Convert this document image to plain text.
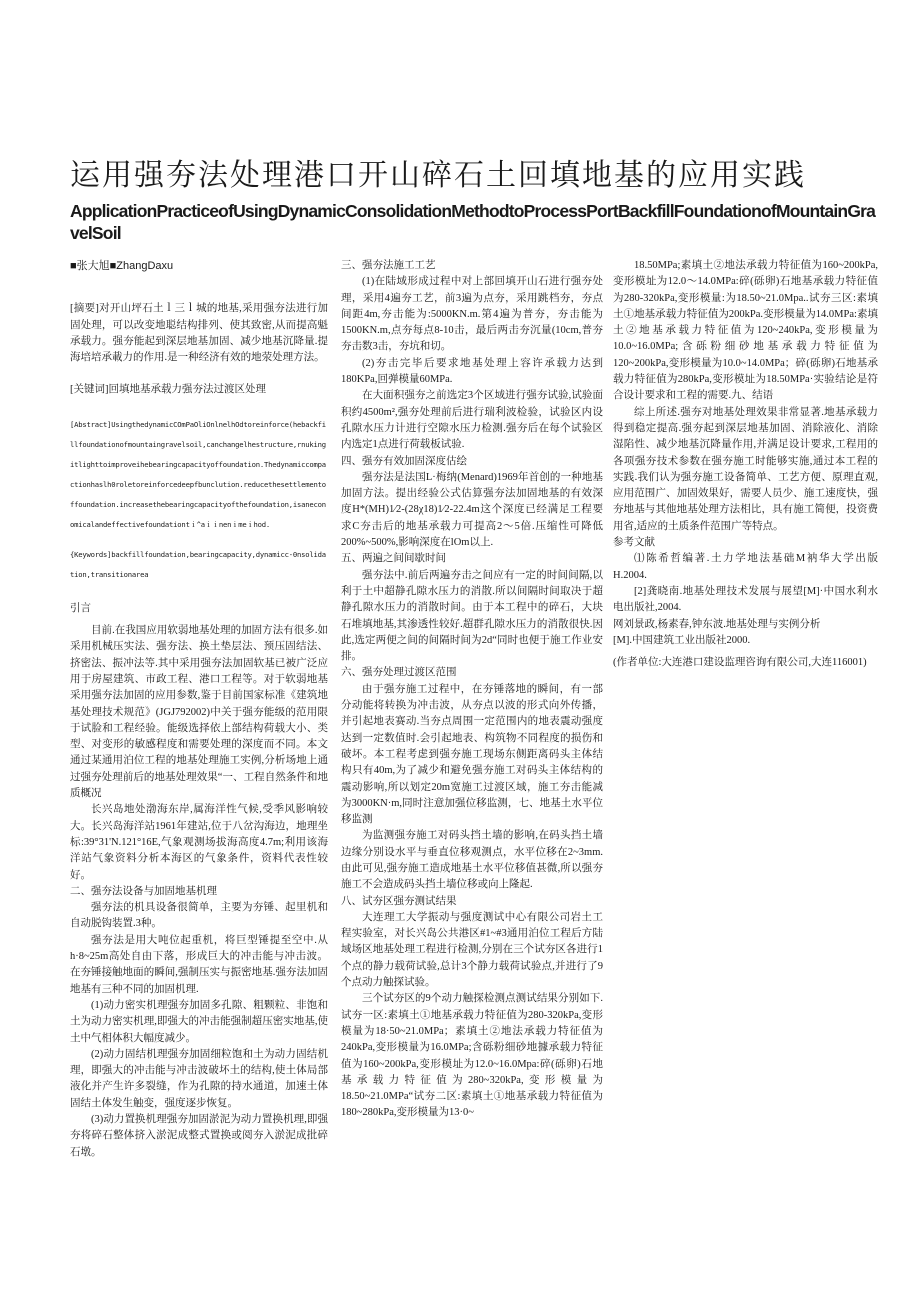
运用强夯法处理港口开山碎石土回填地基的应用实践
ApplicationPracticeofUsingDynamicConsolidationMethodtoProcessPortBackfillFoundationofMountainGravelSoil

■张大旭■ZhangDaxu

[摘要]对开山坪石土ｌ三ｌ城的地基,采用强夯法进行加固处理，可以改变地聪结构排列、使其致密,从而提高魁承载力。强夯能起到深层地基加固、减少地基沉降量.提海培培承載力的作用.是一种经济有效的地荥处理方法。

[关键词]回填地基承载力强夯法过渡区处理

[Abstract]UsingthedynamicCOmPaOliOnlnelhOdtoreinforce(hebackfillfoundationofmountaingravelsoil,canchangelhestructure,rnukingitlighttoimproveihebearingcapacityoffoundation.Thedynamiccompactionhaslh0roletoreinforcedeepfbunclution.reducethesettlementoffoundation.increasethebearingcapacityofthefoundation,isaneconomicalandeffectivefoundationtｉ^aｉｉnenｉmeｉhod.

{Keywords]backfillfoundation,bearingcapacity,dynamicc-0nsolidation,transitionarea

引言

目前.在我国应用软弱地基处理的加固方法有很多.如采用机械压实法、强夯法、换土垫层法、预压固结法、挤密法、振冲法等.其中采用强夯法加固软基已被广泛应用于房屋建筑、市政工程、港口工程等。对于软弱地基采用强夯法加固的应用参数,鉴于目前国家标准《建筑地基处理技术规范》(JGJ792002)中关于强夯能级的范用限于试脸和工程经验。能级选择依上部结构荷载大小、类型、对变形的敏感程度和需要处理的深度而不同。本文通过某通用泊位工程的地基处理施工实例,分析场地上通过强夯处理前后的地基处理效果“一、工程自然条件和地质概况

长兴岛地处渤海东岸,属海洋性气候,受季风影响较大。长兴岛海洋站1961年建站,位于八岔沟海边，地理坐标:39°31'N.121°16E,气象观测场拔海高度4.7m;利用该海洋站气象资料分析本海区的气象条件，资料代表性较好。

二、强夯法设备与加固地基机理

强夯法的机具设备很简单，主要为夯锤、起里机和自动脱钩装置.3种。

强夯法是用大吨位起重机，将巨型锤提至空中.从h·8~25m高处自由下落，形成巨大的冲击能与冲击波。在夯锤接触地面的瞬间,强制压实与振密地基.强夯法加固地基有三种不同的加固机理.

(1)动力密实机理强夯加固多孔隙、粗颗粒、非饱和土为动力密实机理,即强大的冲击能强制超压密实地基,使土中气相体积大幅度减少。

(2)动力固结机理强夯加固细粒饱和土为动力固结机理，即强大的冲击能与冲击波破坏土的结构,使土体局部液化并产生许多裂缝，作为孔隙的持水通道，加速土体固结土体发生触变，强度逐步恢复。

(3)动力置换机理强夯加固淤泥为动力置换机理,即强夯将碎石整体挤入淤泥成整式置换或阅夯入淤泥成批碎石墩。

三、强夯法施工工艺

(1)在陆域形成过程中对上部回填开山石进行强夯处理，采用4遍夯工艺，前3遍为点夯，采用跳档夯，夯点间距4m,夯击能为:5000KN.m.第4遍为普夯，夯击能为1500KN.m,点夯每点8-10击，最后两击夯沉量(10cm,普夯夯击数3击，夯坑和切。

(2)夯击完毕后要求地基处理上容许承载力达到180KPa,回弹模量60MPa.

在大面积强夯之前选定3个区域进行强夯试验,试验面积约4500m²,强夯处理前后进行瑞利波检验，试验区内设孔隙水压力计进行空隙水压力检测.强夯后在每个试验区内选定1点进行荷载板试验.

四、强夯有效加固深度估绘

强夯法是法国L·梅纳(Menard)1969年首创的一种地基加固方法。提出经验公式估算强夯法加固地基的有效深度H*(MH)1⁄2-(28χ18)1⁄2-22.4m这个深度已经满足工程要求C夯击后的地基承载力可提高2〜5倍.压缩性可降低200%~500%,影响深度在lOm以上.

五、两遍之间间歇时间

强夯法中.前后两遍夯击之间应有一定的时间间隔,以利于土中超静孔隙水压力的消散.所以间隔时间取决于超静孔隙水压力的消散时间。由于本工程中的碎石，大块石堆填地基,其渗透性较好.超群孔隙水压力的消散很快.因此,选定两便之间的间隔时间为2d“同时也便于施工作业安排。

六、强夯处理过渡区范围

由于强夯施工过程中，在夯锤落地的瞬间，有一部分动能将转换为冲击波，从夯点以波的形式向外传播，并引起地表赛动.当夯点周围一定范围内的地表震动强度达到一定数值时.会引起地表、构筑物不同程度的损伤和破坏。本工程考虑到强夯施工现场东侧距离码头主体结构只有40m,为了减少和避免强夯施工对码头主体结构的震动影响,所以划定20m宽施工过渡区域，施工夯击能减为3000KN·m,同时注意加强位移监测，七、地基土水平位移监测

为监测强夯施工对码头挡土墙的影响,在码头挡土墙边缘分别设水平与垂直位移观测点，水平位移在2~3mm.由此可见,强夯施工造成地基土水平位移值甚微,所以强夯施工不会造成码头挡土墙位移或向上隆起.

八、试夯区强夯测试结果

大连理工大学振动与强度测试中心有限公司岩土工程实验室，对长兴岛公共港区#1~#3通用泊位工程后方陆域场区地基处理工程进行检测,分别在三个试夯区各进行1个点的静力载荷试验,总计3个静力载荷试验点,并进行了9个点动力触探试验。

三个试夯区的9个动力触探检测点测试结果分别如下.试夯一区:素填土①地基承载力特征值为280-320kPa,变形模量为18·50~21.0MPa；素填土②地法承载力特征值为240kPa,变形模量为16.0MPa;含砾粉细砂地據承载力特征值为160~200kPa,变形模址为12.0~16.0Mpa:碎(砾卵)石地基承载力特征值为280~320kPa,变形模量为18.50~21.0MPa“试夯二区:素填土①地基承载力特征值为180~280kPa,变形模量为13·0~

18.50MPa;素填土②地法承载力特征值为160~200kPa,变形模址为12.0〜14.0MPa:碎(砾卵)石地基承载力特征值为280-320kPa,变形模量:为18.50~21.0Mpa..试夯三区:素填土①地基承载力特征值为200kPa.变形模量为14.0MPa:素填土②地基承载力特征值为120~240kPa,变形模量为10.0~16.0MPa;含砾粉细砂地基承载力特征值为120~200kPa,变形模量为10.0~14.0MPa；碎(砾卵)石地基承载力特征值为280kPa,变形模址为18.50MPa·实验结论是符合设计要求和工程的需要.九、结语

综上所述.强夯对地基处理效果非常显著.地基承载力得到稳定提高.强夯起到深层地基加固、消除液化、消除湿陷性、减少地基沉降量作用,并满足设计要求,工程用的各项强夯技术参数在强夯施工时能够实施,通过本工程的实践.我们认为强夯施工设备简单、工艺方便、原理直观,应用范围广、加固效果好，需要人员少、施工速度快，强夯地基与其他地基处理方法相比，具有施工简便，投资费用省,适应的土质条件范围广等特点。

参考文献

⑴陈希哲编著.土力学地法基础M衲华大学出版H.2004.

[2]龚晓南.地基处理技术发展与展望[M]·中国水利水电出版社,2004.

网刘景政,杨素春,钟东波.地基处理与实例分析

[M].中国建筑工业出版社2000.

(作者单位:大连港口建设监理咨询有限公司,大连116001)
